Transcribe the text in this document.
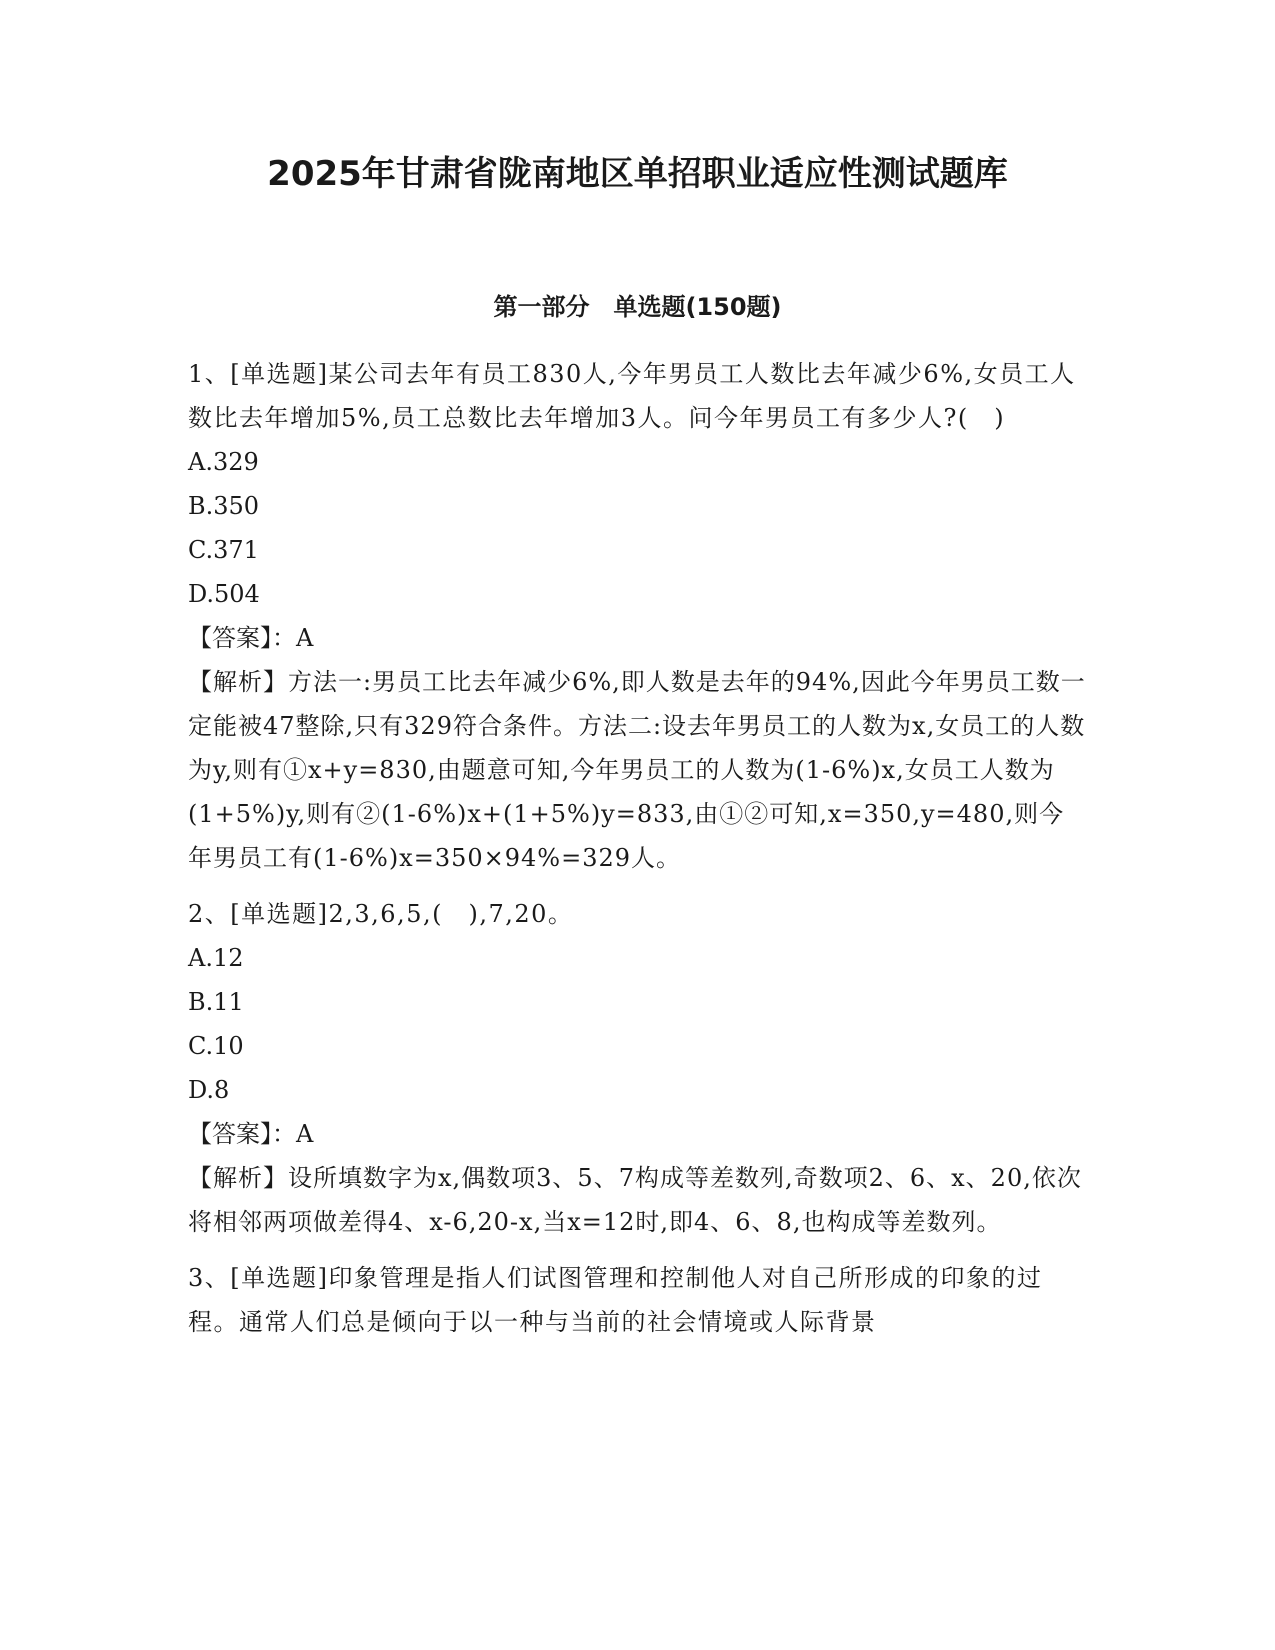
2025年甘肃省陇南地区单招职业适应性测试题库
第一部分　单选题(150题)

1、[单选题]某公司去年有员工830人,今年男员工人数比去年减少6%,女员工人数比去年增加5%,员工总数比去年增加3人。问今年男员工有多少人?(　)

A.329

B.350

C.371

D.504

【答案】：A

【解析】方法一:男员工比去年减少6%,即人数是去年的94%,因此今年男员工数一定能被47整除,只有329符合条件。方法二:设去年男员工的人数为x,女员工的人数为y,则有①x+y=830,由题意可知,今年男员工的人数为(1-6%)x,女员工人数为(1+5%)y,则有②(1-6%)x+(1+5%)y=833,由①②可知,x=350,y=480,则今年男员工有(1-6%)x=350×94%=329人。

2、[单选题]2,3,6,5,(　),7,20。

A.12

B.11

C.10

D.8

【答案】：A

【解析】设所填数字为x,偶数项3、5、7构成等差数列,奇数项2、6、x、20,依次将相邻两项做差得4、x-6,20-x,当x=12时,即4、6、8,也构成等差数列。

3、[单选题]印象管理是指人们试图管理和控制他人对自己所形成的印象的过程。通常人们总是倾向于以一种与当前的社会情境或人际背景
